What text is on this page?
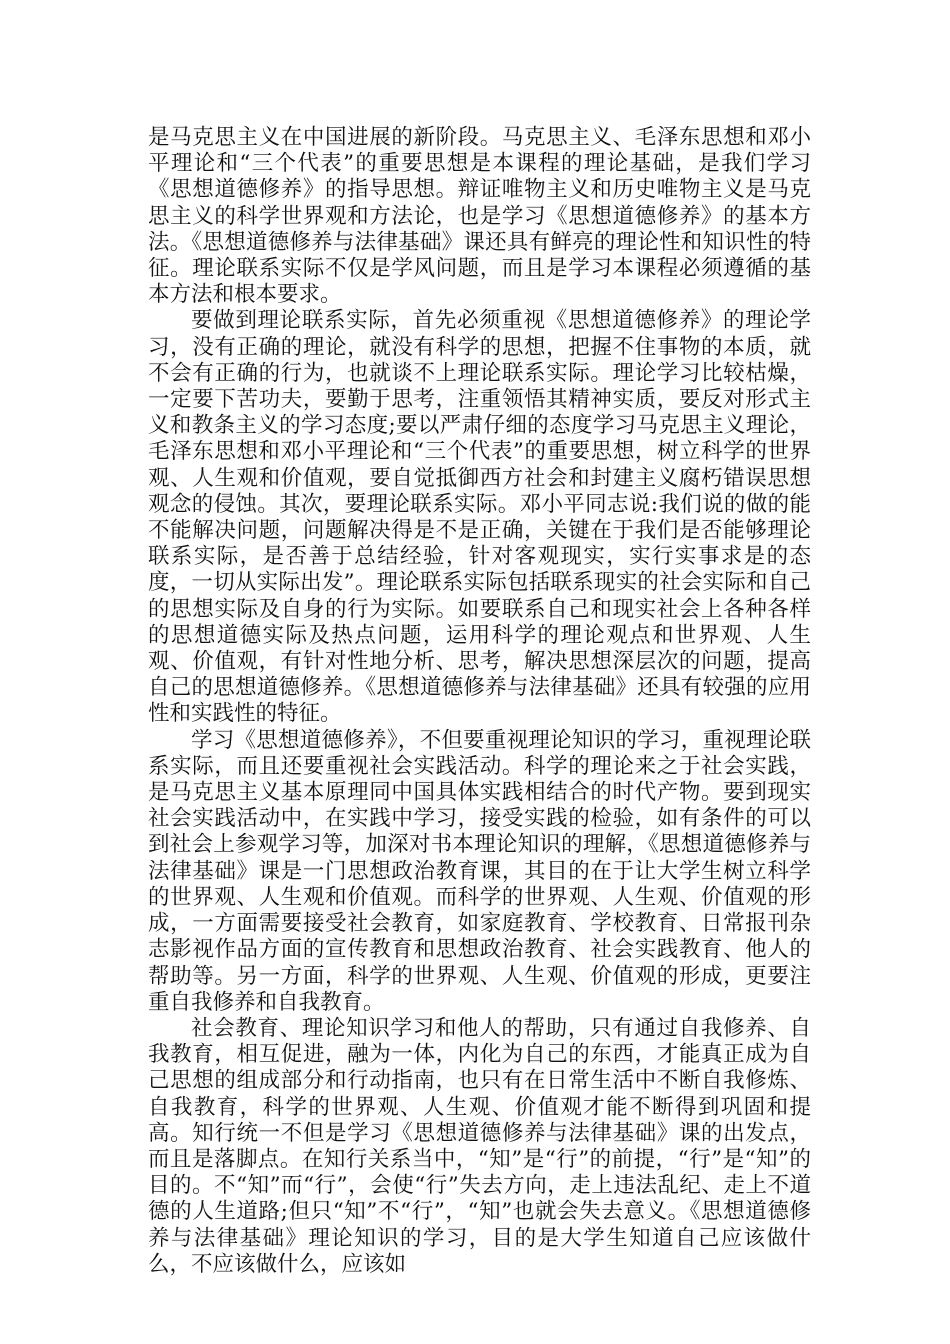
是马克思主义在中国进展的新阶段。马克思主义、毛泽东思想和邓小平理论和“三个代表”的重要思想是本课程的理论基础，是我们学习《思想道德修养》的指导思想。辩证唯物主义和历史唯物主义是马克思主义的科学世界观和方法论，也是学习《思想道德修养》的基本方法。《思想道德修养与法律基础》课还具有鲜亮的理论性和知识性的特征。理论联系实际不仅是学风问题，而且是学习本课程必须遵循的基本方法和根本要求。

要做到理论联系实际，首先必须重视《思想道德修养》的理论学习，没有正确的理论，就没有科学的思想，把握不住事物的本质，就不会有正确的行为，也就谈不上理论联系实际。理论学习比较枯燥，一定要下苦功夫，要勤于思考，注重领悟其精神实质，要反对形式主义和教条主义的学习态度;要以严肃仔细的态度学习马克思主义理论，毛泽东思想和邓小平理论和“三个代表”的重要思想，树立科学的世界观、人生观和价值观，要自觉抵御西方社会和封建主义腐朽错误思想观念的侵蚀。其次，要理论联系实际。邓小平同志说:我们说的做的能不能解决问题，问题解决得是不是正确，关键在于我们是否能够理论联系实际，是否善于总结经验，针对客观现实，实行实事求是的态度，一切从实际出发”。理论联系实际包括联系现实的社会实际和自己的思想实际及自身的行为实际。如要联系自己和现实社会上各种各样的思想道德实际及热点问题，运用科学的理论观点和世界观、人生观、价值观，有针对性地分析、思考，解决思想深层次的问题，提高自己的思想道德修养。《思想道德修养与法律基础》还具有较强的应用性和实践性的特征。

学习《思想道德修养》，不但要重视理论知识的学习，重视理论联系实际，而且还要重视社会实践活动。科学的理论来之于社会实践，是马克思主义基本原理同中国具体实践相结合的时代产物。要到现实社会实践活动中，在实践中学习，接受实践的检验，如有条件的可以到社会上参观学习等，加深对书本理论知识的理解，《思想道德修养与法律基础》课是一门思想政治教育课，其目的在于让大学生树立科学的世界观、人生观和价值观。而科学的世界观、人生观、价值观的形成，一方面需要接受社会教育，如家庭教育、学校教育、日常报刊杂志影视作品方面的宣传教育和思想政治教育、社会实践教育、他人的帮助等。另一方面，科学的世界观、人生观、价值观的形成，更要注重自我修养和自我教育。

社会教育、理论知识学习和他人的帮助，只有通过自我修养、自我教育，相互促进，融为一体，内化为自己的东西，才能真正成为自己思想的组成部分和行动指南，也只有在日常生活中不断自我修炼、自我教育，科学的世界观、人生观、价值观才能不断得到巩固和提高。知行统一不但是学习《思想道德修养与法律基础》课的出发点，而且是落脚点。在知行关系当中，“知”是“行”的前提，“行”是“知”的目的。不“知”而“行”，会使“行”失去方向，走上违法乱纪、走上不道德的人生道路;但只“知”不“行”，“知”也就会失去意义。《思想道德修养与法律基础》理论知识的学习，目的是大学生知道自己应该做什么，不应该做什么，应该如
